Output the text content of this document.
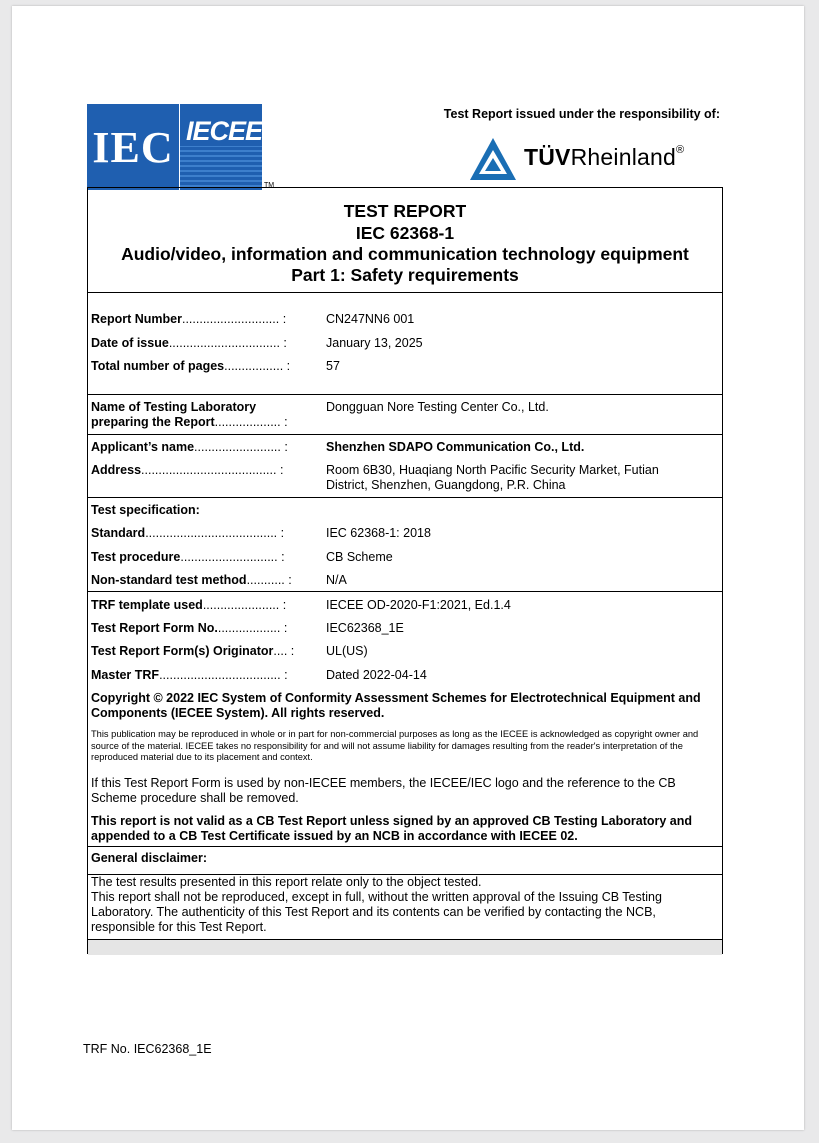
IEC IECEE
TM
Test Report issued under the responsibility of:
TÜVRheinland®
TEST REPORT
IEC 62368-1
Audio/video, information and communication technology equipment
Part 1: Safety requirements
Report Number............................ :	CN247NN6 001
Date of issue................................ :	January 13, 2025
Total number of pages................. :	57
Name of Testing Laboratory
preparing the Report................... :
Dongguan Nore Testing Center Co., Ltd.
Applicant’s name......................... :	Shenzhen SDAPO Communication Co., Ltd.
Address....................................... :	Room 6B30, Huaqiang North Pacific Security Market, Futian District, Shenzhen, Guangdong, P.R. China
Test specification:
Standard...................................... :	IEC 62368-1: 2018
Test procedure............................ :	CB Scheme
Non-standard test method........... :	N/A
TRF template used...................... :	IECEE OD-2020-F1:2021, Ed.1.4
Test Report Form No................... :	IEC62368_1E
Test Report Form(s) Originator.... :	UL(US)
Master TRF................................... :	Dated 2022-04-14
Copyright © 2022 IEC System of Conformity Assessment Schemes for Electrotechnical Equipment and Components (IECEE System). All rights reserved.
This publication may be reproduced in whole or in part for non-commercial purposes as long as the IECEE is acknowledged as copyright owner and source of the material. IECEE takes no responsibility for and will not assume liability for damages resulting from the reader's interpretation of the reproduced material due to its placement and context.
If this Test Report Form is used by non-IECEE members, the IECEE/IEC logo and the reference to the CB Scheme procedure shall be removed.
This report is not valid as a CB Test Report unless signed by an approved CB Testing Laboratory and appended to a CB Test Certificate issued by an NCB in accordance with IECEE 02.
General disclaimer:
The test results presented in this report relate only to the object tested.
This report shall not be reproduced, except in full, without the written approval of the Issuing CB Testing Laboratory. The authenticity of this Test Report and its contents can be verified by contacting the NCB, responsible for this Test Report.
TRF No. IEC62368_1E
